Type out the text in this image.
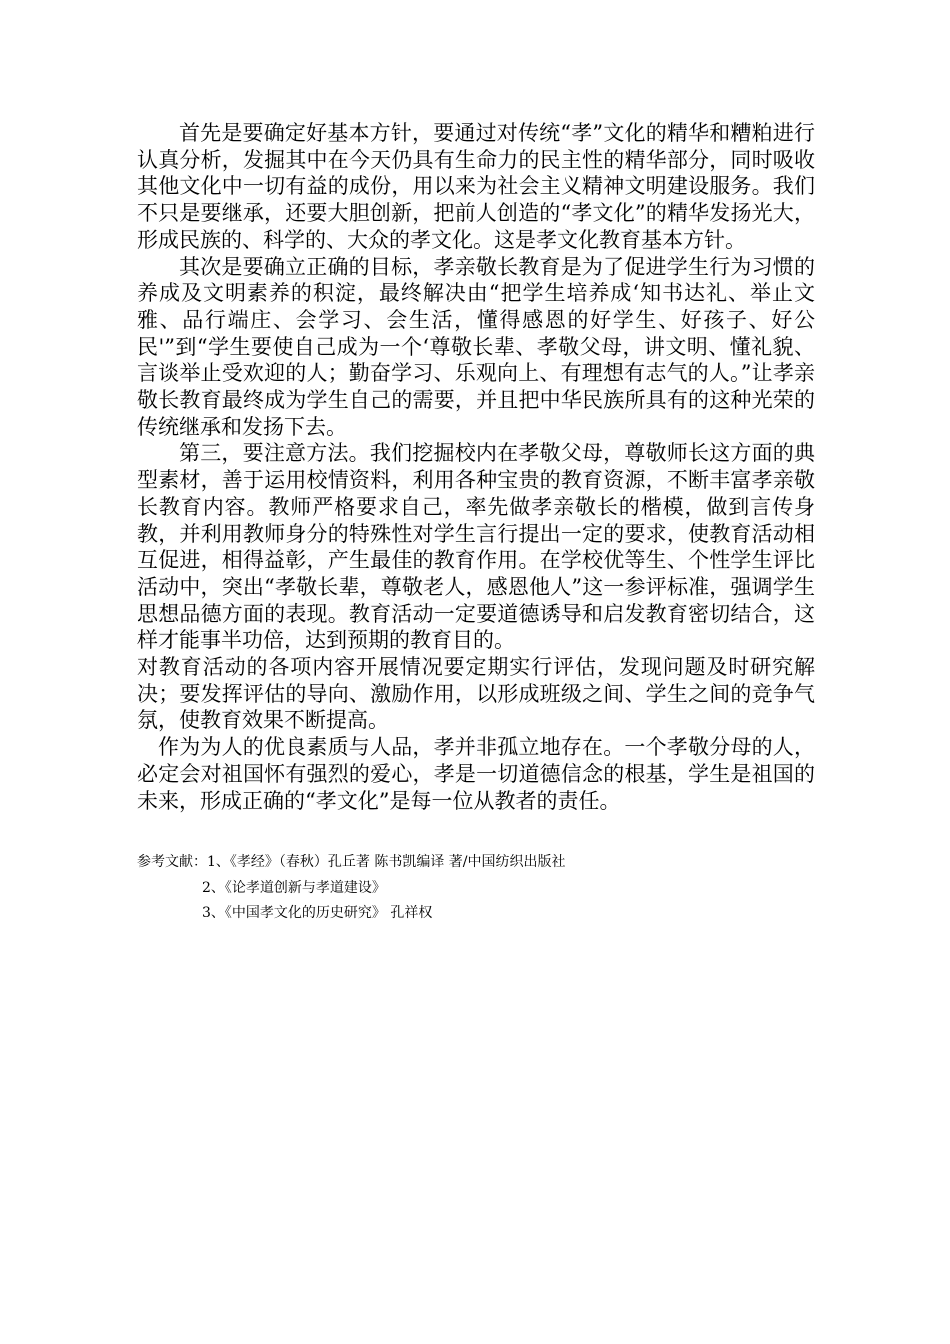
首先是要确定好基本方针，要通过对传统“孝”文化的精华和糟粕进行认真分析，发掘其中在今天仍具有生命力的民主性的精华部分，同时吸收其他文化中一切有益的成份，用以来为社会主义精神文明建设服务。我们不只是要继承，还要大胆创新，把前人创造的“孝文化”的精华发扬光大，形成民族的、科学的、大众的孝文化。这是孝文化教育基本方针。

其次是要确立正确的目标，孝亲敬长教育是为了促进学生行为习惯的养成及文明素养的积淀，最终解决由“把学生培养成‘知书达礼、举止文雅、品行端庄、会学习、会生活，懂得感恩的好学生、好孩子、好公民'”到“学生要使自己成为一个‘尊敬长辈、孝敬父母，讲文明、懂礼貌、言谈举止受欢迎的人；勤奋学习、乐观向上、有理想有志气的人。”让孝亲敬长教育最终成为学生自己的需要，并且把中华民族所具有的这种光荣的传统继承和发扬下去。

第三，要注意方法。我们挖掘校内在孝敬父母，尊敬师长这方面的典型素材，善于运用校情资料，利用各种宝贵的教育资源，不断丰富孝亲敬长教育内容。教师严格要求自己，率先做孝亲敬长的楷模，做到言传身教，并利用教师身分的特殊性对学生言行提出一定的要求，使教育活动相互促进，相得益彰，产生最佳的教育作用。在学校优等生、个性学生评比活动中，突出“孝敬长辈，尊敬老人，感恩他人”这一参评标准，强调学生思想品德方面的表现。教育活动一定要道德诱导和启发教育密切结合，这样才能事半功倍，达到预期的教育目的。

对教育活动的各项内容开展情况要定期实行评估，发现问题及时研究解决；要发挥评估的导向、激励作用，以形成班级之间、学生之间的竞争气氛，使教育效果不断提高。

作为为人的优良素质与人品，孝并非孤立地存在。一个孝敬分母的人，必定会对祖国怀有强烈的爱心，孝是一切道德信念的根基，学生是祖国的未来，形成正确的“孝文化”是每一位从教者的责任。

参考文献：1、《孝经》（春秋）孔丘著 陈书凯编译 著/中国纺织出版社

2、《论孝道创新与孝道建设》

3、《中国孝文化的历史研究》 孔祥权
